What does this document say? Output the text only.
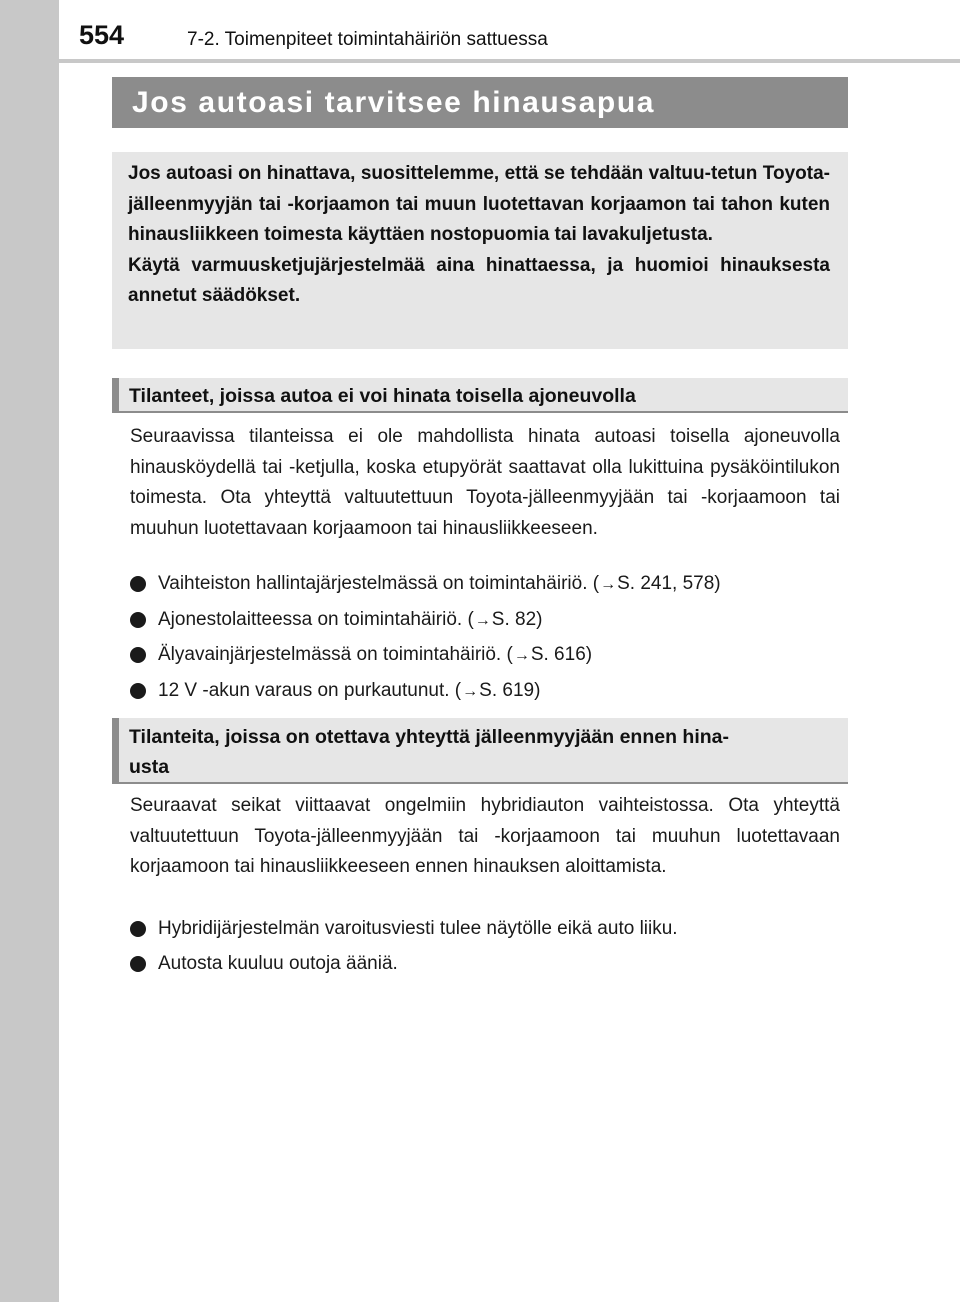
554	7-2. Toimenpiteet toimintahäiriön sattuessa
Jos autoasi tarvitsee hinausapua

Jos autoasi on hinattava, suosittelemme, että se tehdään valtuu-tetun Toyota-jälleenmyyjän tai -korjaamon tai muun luotettavan korjaamon tai tahon kuten hinausliikkeen toimesta käyttäen nostopuomia tai lavakuljetusta.

Käytä varmuusketjujärjestelmää aina hinattaessa, ja huomioi hinauksesta annetut säädökset.

Tilanteet, joissa autoa ei voi hinata toisella ajoneuvolla

Seuraavissa tilanteissa ei ole mahdollista hinata autoasi toisella ajoneuvolla hinausköydellä tai -ketjulla, koska etupyörät saattavat olla lukittuina pysäköintilukon toimesta. Ota yhteyttä valtuutettuun Toyota-jälleenmyyjään tai -korjaamoon tai muuhun luotettavaan korjaamoon tai hinausliikkeeseen.

Vaihteiston hallintajärjestelmässä on toimintahäiriö. (→S. 241, 578)
Ajonestolaitteessa on toimintahäiriö. (→S. 82)
Älyavainjärjestelmässä on toimintahäiriö. (→S. 616)
12 V -akun varaus on purkautunut. (→S. 619)
Tilanteita, joissa on otettava yhteyttä jälleenmyyjään ennen hina-
usta

Seuraavat seikat viittaavat ongelmiin hybridiauton vaihteistossa. Ota yhteyttä valtuutettuun Toyota-jälleenmyyjään tai -korjaamoon tai muuhun luotettavaan korjaamoon tai hinausliikkeeseen ennen hinauksen aloittamista.

Hybridijärjestelmän varoitusviesti tulee näytölle eikä auto liiku.
Autosta kuuluu outoja ääniä.
